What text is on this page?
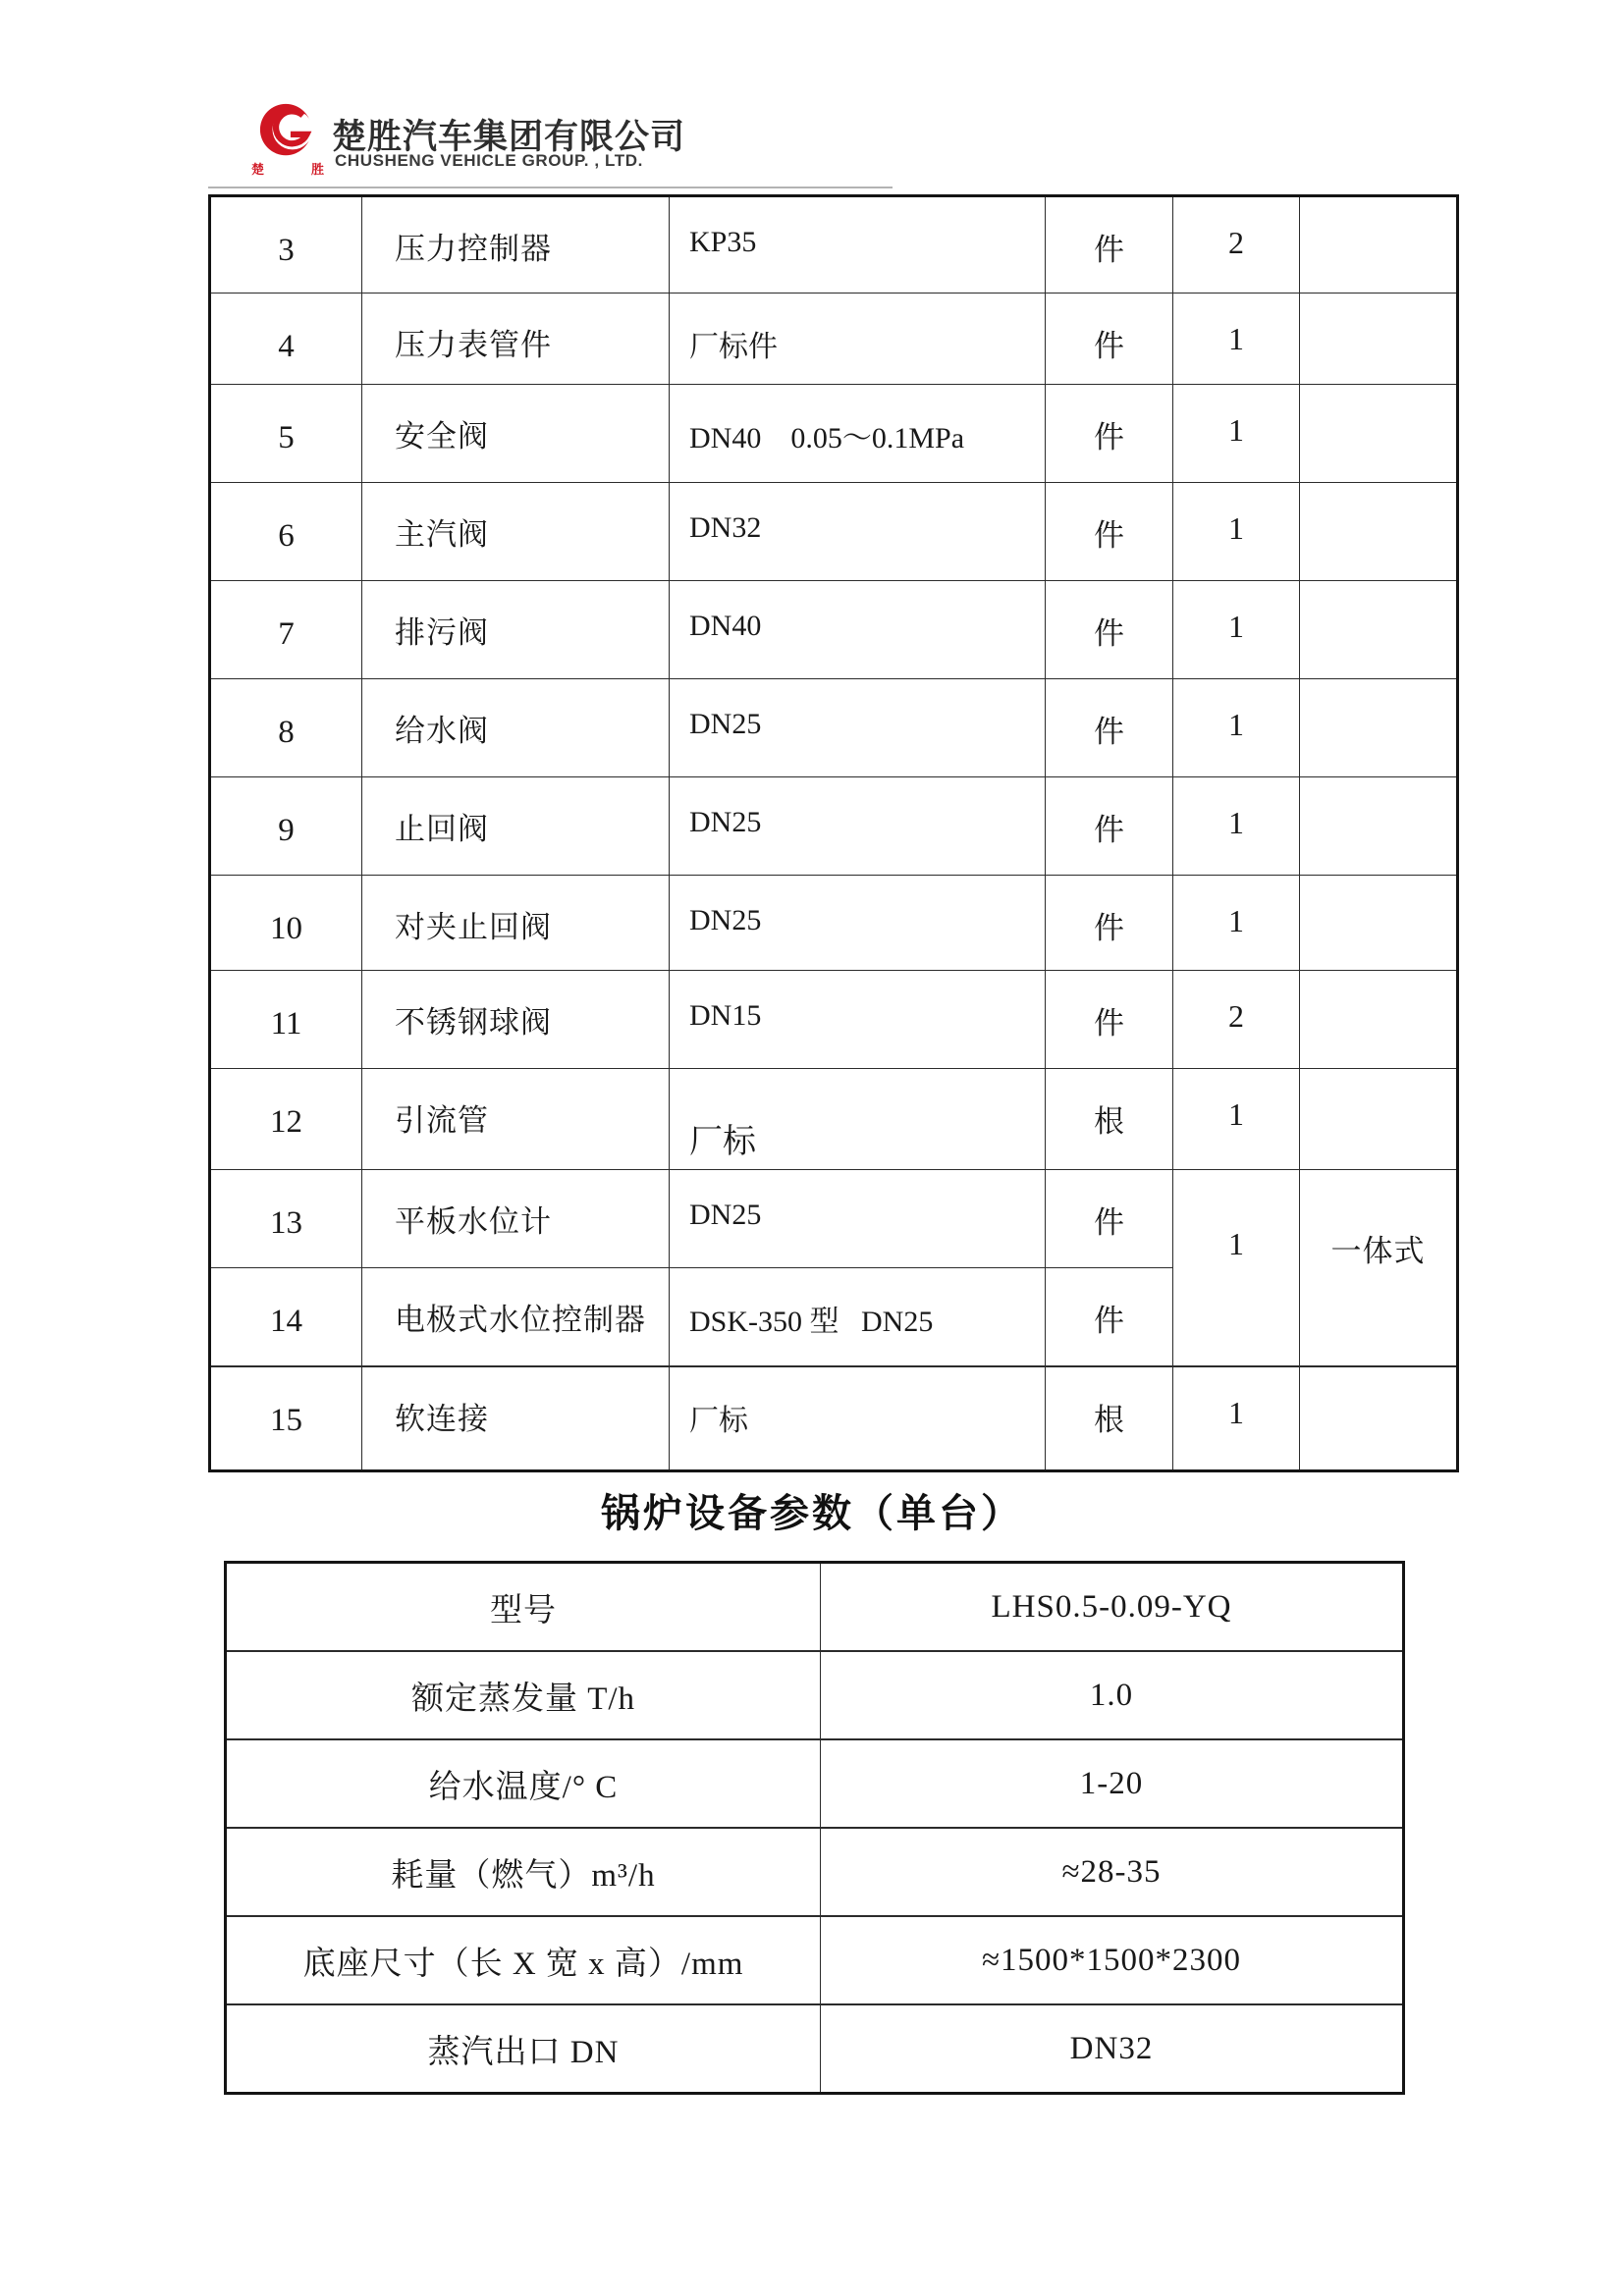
楚	胜
楚胜汽车集团有限公司
CHUSHENG VEHICLE GROUP. , LTD.
3	压力控制器	KP35	件	2	
4	压力表管件	厂标件	件	1	
5	安全阀	DN40    0.05～0.1MPa	件	1	
6	主汽阀	DN32	件	1	
7	排污阀	DN40	件	1	
8	给水阀	DN25	件	1	
9	止回阀	DN25	件	1	
10	对夹止回阀	DN25	件	1	
11	不锈钢球阀	DN15	件	2	
12	引流管	厂标	根	1	
13	平板水位计	DN25	件	1	一体式
14	电极式水位控制器	DSK-350 型   DN25	件		
15	软连接	厂标	根	1	
锅炉设备参数（单台）
型号	LHS0.5-0.09-YQ
额定蒸发量 T/h	1.0
给水温度/° C	1-20
耗量（燃气）m³/h	≈28-35
底座尺寸（长 X 宽 x 高）/mm	≈1500*1500*2300
蒸汽出口 DN	DN32
